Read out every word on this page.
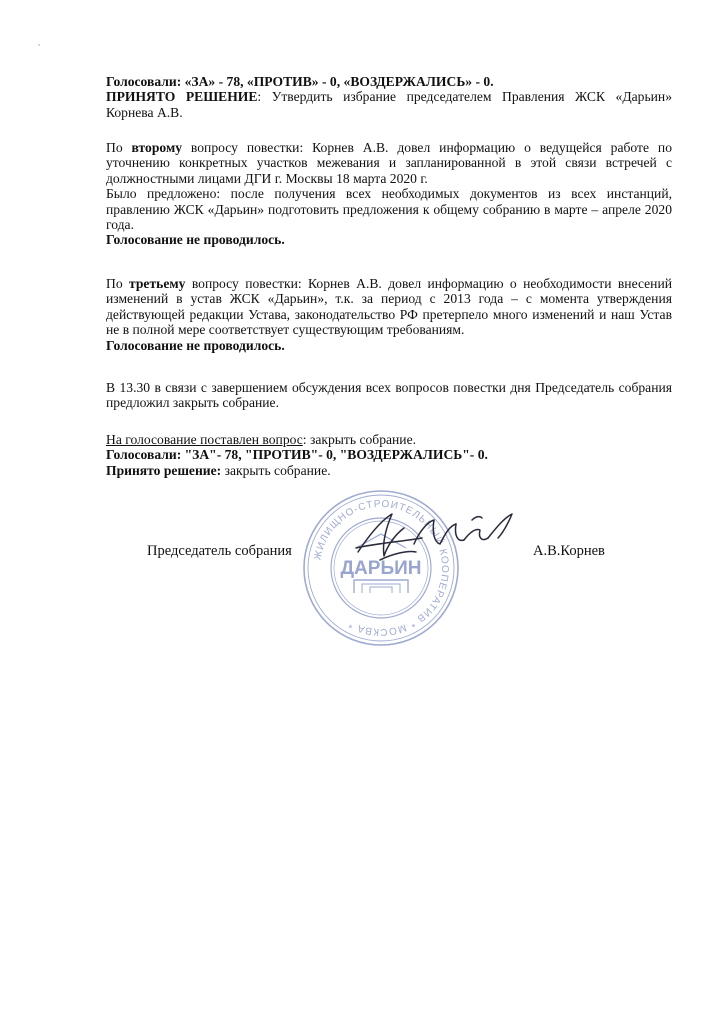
Голосовали: «ЗА» - 78, «ПРОТИВ» - 0, «ВОЗДЕРЖАЛИСЬ» - 0.
ПРИНЯТО РЕШЕНИЕ: Утвердить избрание председателем Правления ЖСК «Дарьин» Корнева А.В.
По второму вопросу повестки: Корнев А.В. довел информацию о ведущейся работе по уточнению конкретных участков межевания и запланированной в этой связи встречей с должностными лицами ДГИ г. Москвы 18 марта 2020 г.
Было предложено: после получения всех необходимых документов из всех инстанций, правлению ЖСК «Дарьин» подготовить предложения к общему собранию в марте – апреле 2020 года.
Голосование не проводилось.
По третьему вопросу повестки: Корнев А.В. довел информацию о необходимости внесений изменений в устав ЖСК «Дарьин», т.к. за период с 2013 года – с момента утверждения действующей редакции Устава, законодательство РФ претерпело много изменений и наш Устав не в полной мере соответствует существующим требованиям.
Голосование не проводилось.
В 13.30 в связи с завершением обсуждения всех вопросов повестки дня Председатель собрания предложил закрыть собрание.
На голосование поставлен вопрос: закрыть собрание.
Голосовали: "ЗА"- 78, "ПРОТИВ"- 0, "ВОЗДЕРЖАЛИСЬ"- 0.
Принято решение: закрыть собрание.
ЖИЛИЩНО-СТРОИТЕЛЬНЫЙ КООПЕРАТИВ * МОСКВА *
ДАРЬИН

Председатель собрания	А.В.Корнев
